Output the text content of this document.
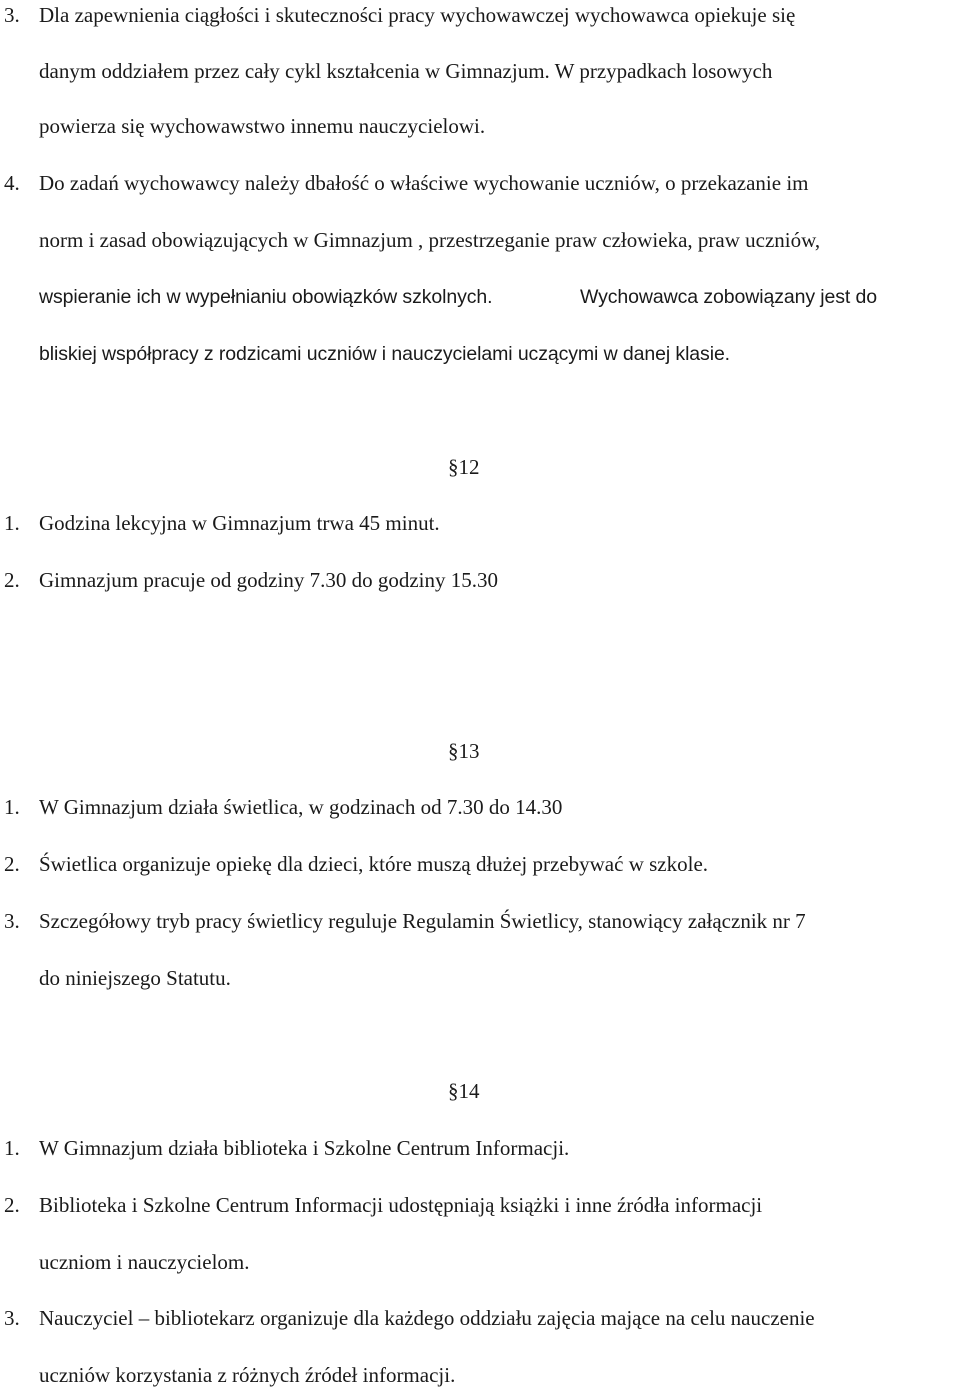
3. Dla zapewnienia ciągłości i skuteczności pracy wychowawczej wychowawca opiekuje się
danym oddziałem przez cały cykl kształcenia w Gimnazjum. W przypadkach losowych
powierza się wychowawstwo innemu nauczycielowi.
4. Do zadań wychowawcy należy dbałość o właściwe wychowanie uczniów, o przekazanie im
norm i zasad obowiązujących w Gimnazjum , przestrzeganie praw człowieka, praw uczniów,
wspieranie ich w wypełnianiu obowiązków szkolnych.	Wychowawca zobowiązany jest do
bliskiej współpracy z rodzicami uczniów i nauczycielami uczącymi w danej klasie.
§12
1. Godzina lekcyjna w Gimnazjum trwa 45 minut.
2. Gimnazjum pracuje od godziny 7.30 do godziny 15.30
§13
1. W Gimnazjum działa świetlica, w godzinach od 7.30 do 14.30
2. Świetlica organizuje opiekę dla dzieci, które muszą dłużej przebywać w szkole.
3. Szczegółowy tryb pracy świetlicy reguluje Regulamin Świetlicy, stanowiący załącznik nr 7
do niniejszego Statutu.
§14
1. W Gimnazjum działa biblioteka i Szkolne Centrum Informacji.
2. Biblioteka i Szkolne Centrum Informacji udostępniają książki i inne źródła informacji
uczniom i nauczycielom.
3. Nauczyciel – bibliotekarz organizuje dla każdego oddziału zajęcia mające na celu nauczenie
uczniów korzystania z różnych źródeł informacji.
